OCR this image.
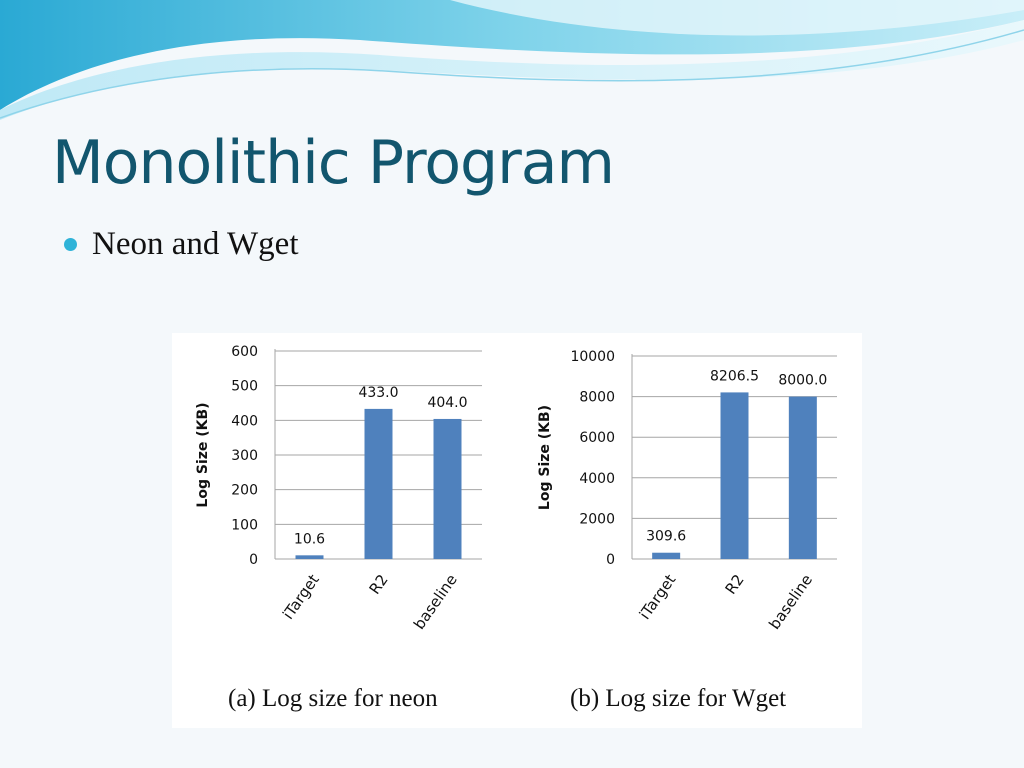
Monolithic Program
Neon and Wget
0
100
200
300
400
500
600
Log Size (KB)
10.6
iTarget
433.0
R2
404.0
baseline
0
2000
4000
6000
8000
10000
Log Size (KB)
309.6
iTarget
8206.5
R2
8000.0
baseline
(a) Log size for neon	(b) Log size for Wget
